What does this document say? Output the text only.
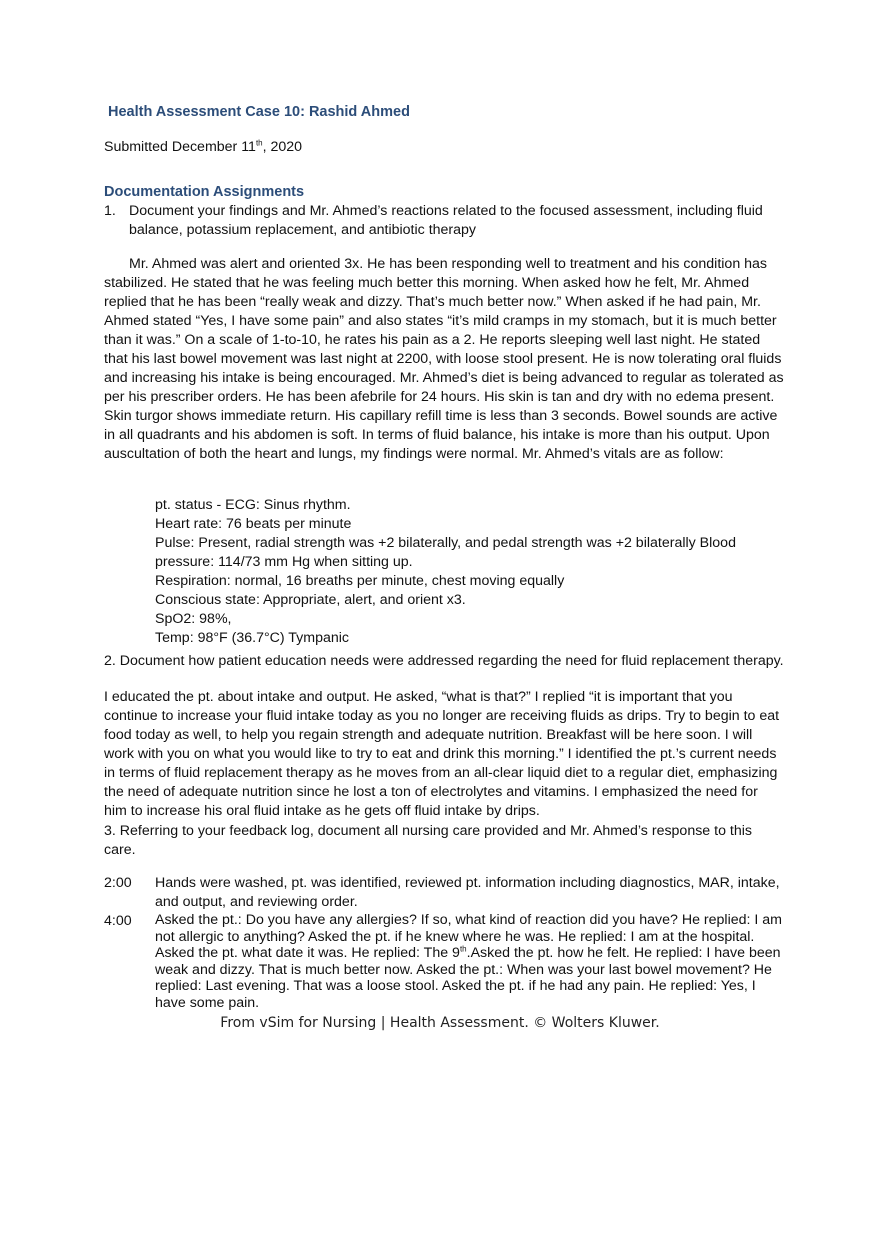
Health Assessment Case 10: Rashid Ahmed

Submitted December 11th, 2020

Documentation Assignments

1. Document your findings and Mr. Ahmed’s reactions related to the focused assessment, including fluid balance, potassium replacement, and antibiotic therapy

Mr. Ahmed was alert and oriented 3x. He has been responding well to treatment and his condition has stabilized. He stated that he was feeling much better this morning. When asked how he felt, Mr. Ahmed replied that he has been “really weak and dizzy. That’s much better now.” When asked if he had pain, Mr. Ahmed stated “Yes, I have some pain” and also states “it’s mild cramps in my stomach, but it is much better than it was.” On a scale of 1-to-10, he rates his pain as a 2. He reports sleeping well last night. He stated that his last bowel movement was last night at 2200, with loose stool present. He is now tolerating oral fluids and increasing his intake is being encouraged. Mr. Ahmed’s diet is being advanced to regular as tolerated as per his prescriber orders. He has been afebrile for 24 hours. His skin is tan and dry with no edema present. Skin turgor shows immediate return. His capillary refill time is less than 3 seconds. Bowel sounds are active in all quadrants and his abdomen is soft. In terms of fluid balance, his intake is more than his output. Upon auscultation of both the heart and lungs, my findings were normal. Mr. Ahmed’s vitals are as follow:

pt. status - ECG: Sinus rhythm.
Heart rate: 76 beats per minute
Pulse: Present, radial strength was +2 bilaterally, and pedal strength was +2 bilaterally Blood pressure: 114/73 mm Hg when sitting up.
Respiration: normal, 16 breaths per minute, chest moving equally
Conscious state: Appropriate, alert, and orient x3.
SpO2: 98%,
Temp: 98°F (36.7°C) Tympanic

2. Document how patient education needs were addressed regarding the need for fluid replacement therapy.

I educated the pt. about intake and output. He asked, “what is that?” I replied “it is important that you continue to increase your fluid intake today as you no longer are receiving fluids as drips. Try to begin to eat food today as well, to help you regain strength and adequate nutrition. Breakfast will be here soon. I will work with you on what you would like to try to eat and drink this morning.” I identified the pt.’s current needs in terms of fluid replacement therapy as he moves from an all-clear liquid diet to a regular diet, emphasizing the need of adequate nutrition since he lost a ton of electrolytes and vitamins. I emphasized the need for him to increase his oral fluid intake as he gets off fluid intake by drips.

3. Referring to your feedback log, document all nursing care provided and Mr. Ahmed’s response to this care.

2:00	Hands were washed, pt. was identified, reviewed pt. information including diagnostics, MAR, intake, and output, and reviewing order.
4:00	Asked the pt.: Do you have any allergies? If so, what kind of reaction did you have? He replied: I am not allergic to anything? Asked the pt. if he knew where he was. He replied: I am at the hospital. Asked the pt. what date it was. He replied: The 9th.Asked the pt. how he felt. He replied: I have been weak and dizzy. That is much better now. Asked the pt.: When was your last bowel movement? He replied: Last evening. That was a loose stool. Asked the pt. if he had any pain. He replied: Yes, I have some pain.

From vSim for Nursing | Health Assessment. © Wolters Kluwer.
